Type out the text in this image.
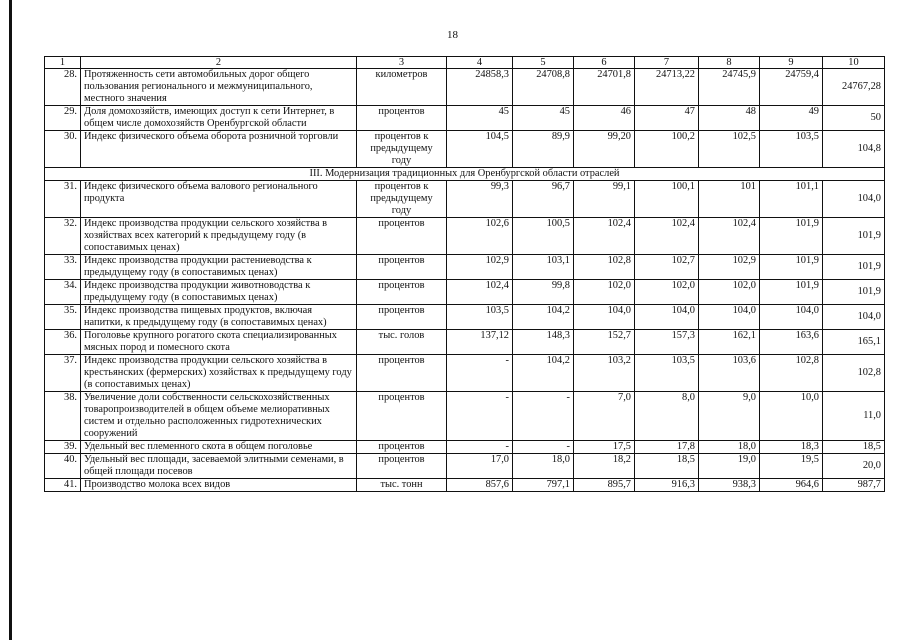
18
1	2	3	4	5	6	7	8	9	10
28.	Протяженность сети автомобильных дорог общего пользования регионального и межмуниципального, местного значения	километров	24858,3	24708,8	24701,8	24713,22	24745,9	24759,4	24767,28
29.	Доля домохозяйств, имеющих доступ к сети Интернет, в общем числе домохозяйств Оренбургской области	процентов	45	45	46	47	48	49	50
30.	Индекс физического объема оборота розничной торговли	процентов к предыдущему году	104,5	89,9	99,20	100,2	102,5	103,5	104,8
III. Модернизация традиционных для Оренбургской области отраслей									
31.	Индекс физического объема валового регионального продукта	процентов к предыдущему году	99,3	96,7	99,1	100,1	101	101,1	104,0
32.	Индекс производства продукции сельского хозяйства в хозяйствах всех категорий к предыдущему году (в сопоставимых ценах)	процентов	102,6	100,5	102,4	102,4	102,4	101,9	101,9
33.	Индекс производства продукции растениеводства к предыдущему году (в сопоставимых ценах)	процентов	102,9	103,1	102,8	102,7	102,9	101,9	101,9
34.	Индекс производства продукции животноводства к предыдущему году (в сопоставимых ценах)	процентов	102,4	99,8	102,0	102,0	102,0	101,9	101,9
35.	Индекс производства пищевых продуктов, включая напитки, к предыдущему году (в сопоставимых ценах)	процентов	103,5	104,2	104,0	104,0	104,0	104,0	104,0
36.	Поголовье крупного рогатого скота специализированных мясных пород и помесного скота	тыс. голов	137,12	148,3	152,7	157,3	162,1	163,6	165,1
37.	Индекс производства продукции сельского хозяйства в крестьянских (фермерских) хозяйствах к предыдущему году (в сопоставимых ценах)	процентов	-	104,2	103,2	103,5	103,6	102,8	102,8
38.	Увеличение доли собственности сельскохозяйственных товаропроизводителей в общем объеме мелиоративных систем и отдельно расположенных гидротехнических сооружений	процентов	-	-	7,0	8,0	9,0	10,0	11,0
39.	Удельный вес племенного скота в общем поголовье	процентов	-	-	17,5	17,8	18,0	18,3	18,5
40.	Удельный вес площади, засеваемой элитными семенами, в общей площади посевов	процентов	17,0	18,0	18,2	18,5	19,0	19,5	20,0
41.	Производство молока всех видов	тыс. тонн	857,6	797,1	895,7	916,3	938,3	964,6	987,7
